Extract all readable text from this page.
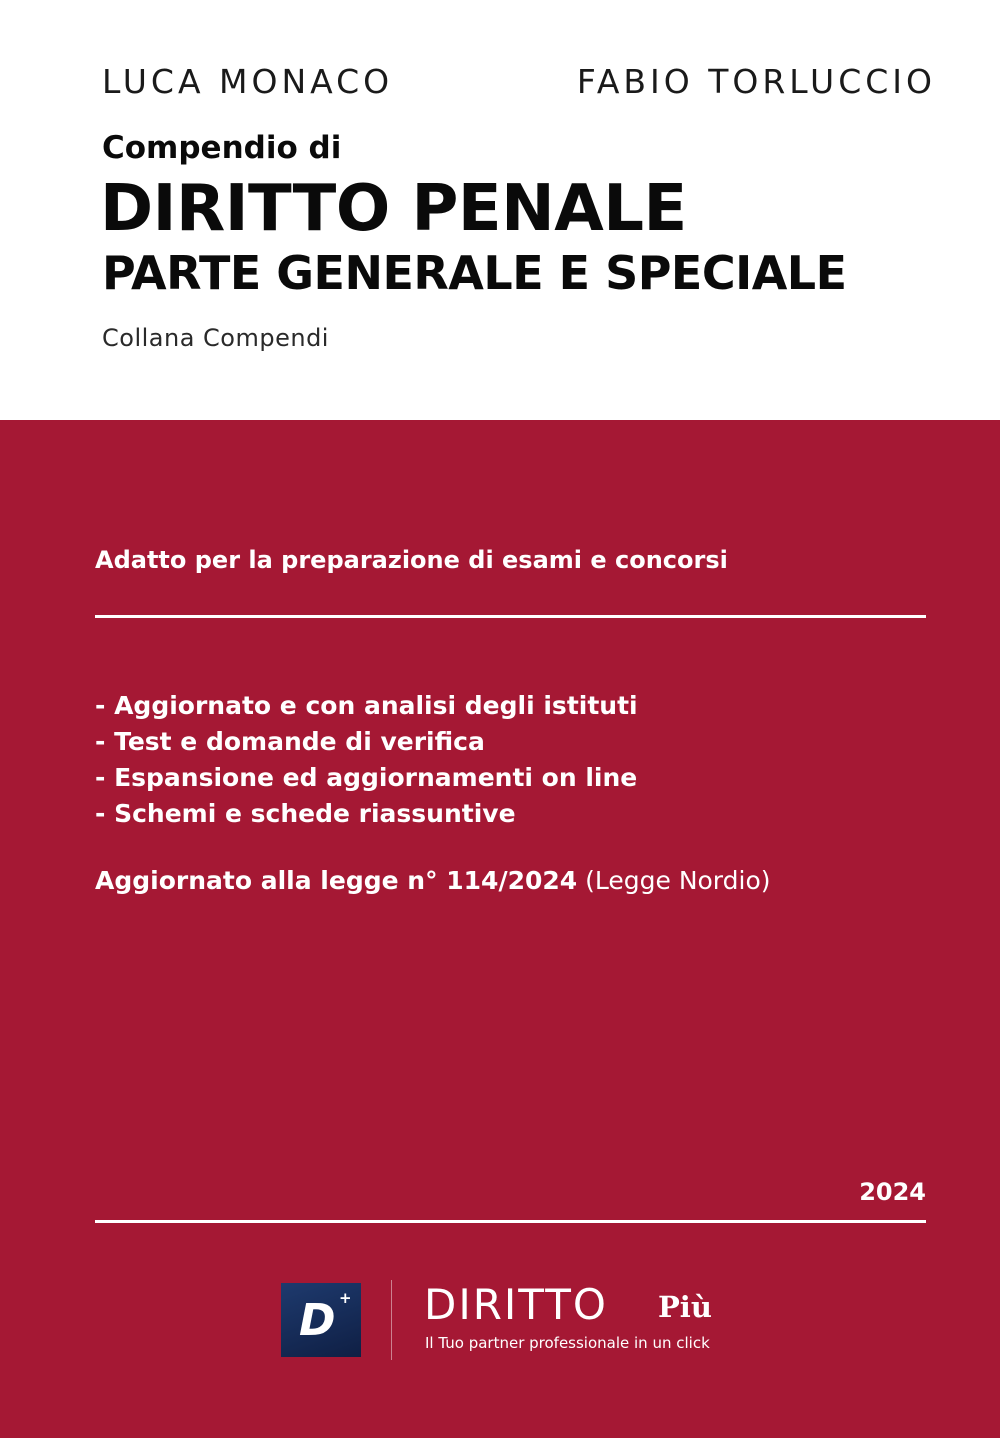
LUCA MONACO	FABIO TORLUCCIO
Compendio di
DIRITTO PENALE
PARTE GENERALE E SPECIALE
Collana Compendi
Adatto per la preparazione di esami e concorsi
- Aggiornato e con analisi degli istituti
- Test e domande di verifica
- Espansione ed aggiornamenti on line
- Schemi e schede riassuntive
Aggiornato alla legge n° 114/2024 (Legge Nordio)
2024
D + DIRITTO Più
Il Tuo partner professionale in un click
